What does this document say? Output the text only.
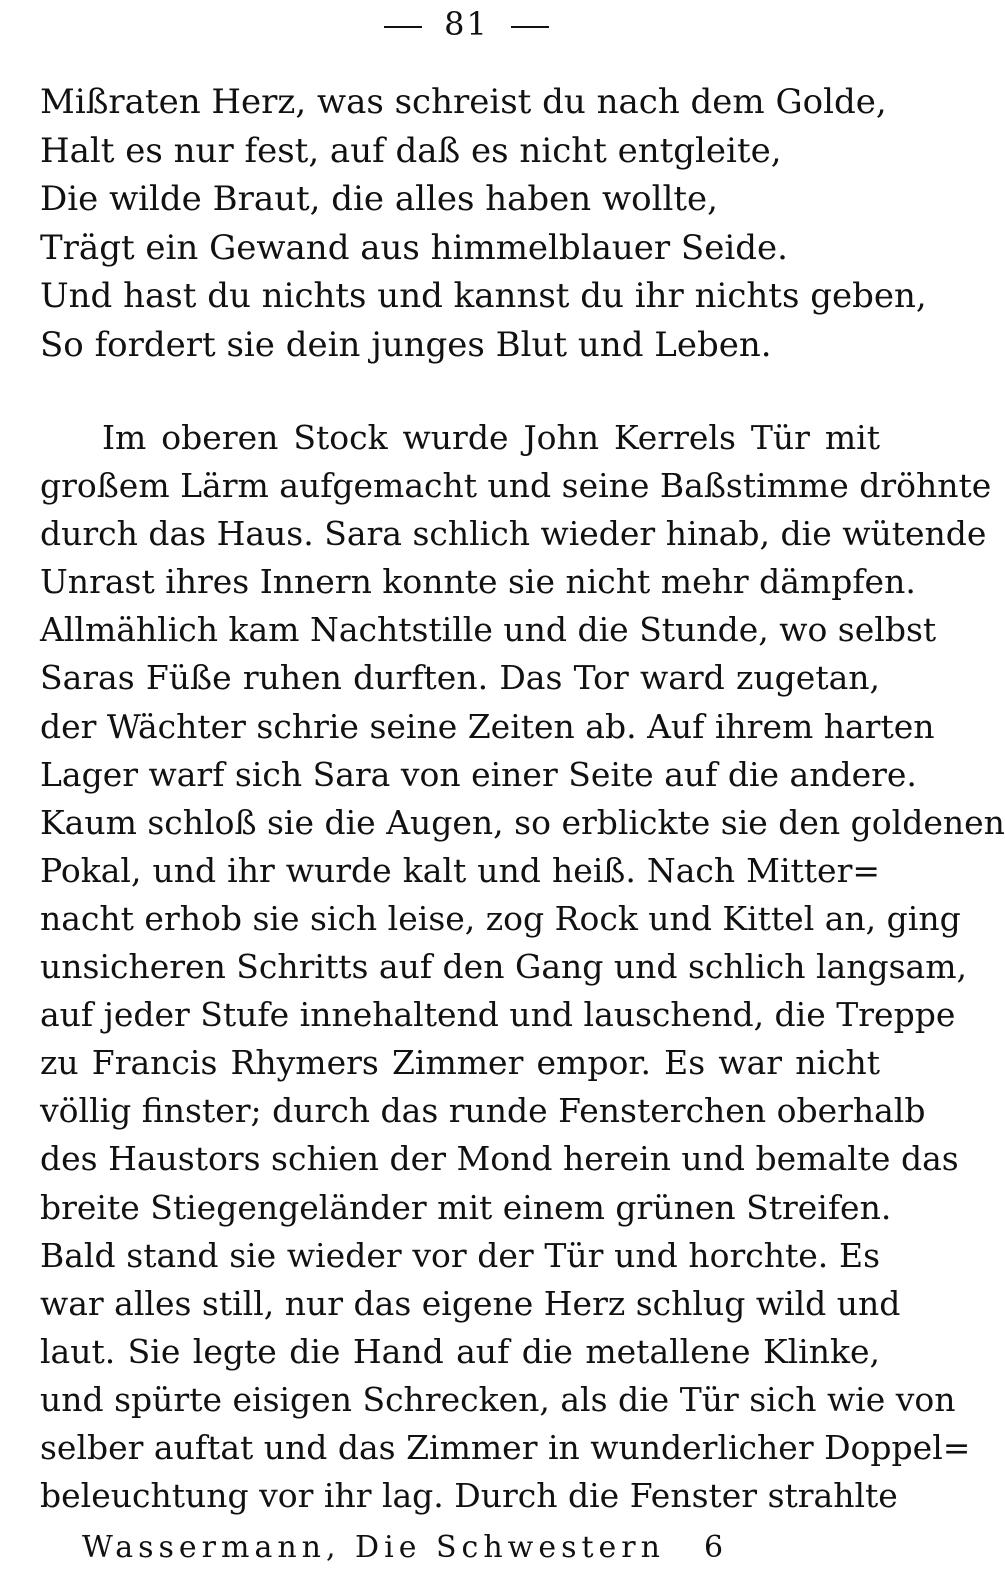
81
Mißraten Herz, was schreist du nach dem Golde,
Halt es nur fest, auf daß es nicht entgleite,
Die wilde Braut, die alles haben wollte,
Trägt ein Gewand aus himmelblauer Seide.
Und hast du nichts und kannst du ihr nichts geben,
So fordert sie dein junges Blut und Leben.
Im oberen Stock wurde John Kerrels Tür mit
großem Lärm aufgemacht und seine Baßstimme dröhnte
durch das Haus. Sara schlich wieder hinab, die wütende
Unrast ihres Innern konnte sie nicht mehr dämpfen.
Allmählich kam Nachtstille und die Stunde, wo selbst
Saras Füße ruhen durften. Das Tor ward zugetan,
der Wächter schrie seine Zeiten ab. Auf ihrem harten
Lager warf sich Sara von einer Seite auf die andere.
Kaum schloß sie die Augen, so erblickte sie den goldenen
Pokal, und ihr wurde kalt und heiß. Nach Mitter=
nacht erhob sie sich leise, zog Rock und Kittel an, ging
unsicheren Schritts auf den Gang und schlich langsam,
auf jeder Stufe innehaltend und lauschend, die Treppe
zu Francis Rhymers Zimmer empor. Es war nicht
völlig finster; durch das runde Fensterchen oberhalb
des Haustors schien der Mond herein und bemalte das
breite Stiegengeländer mit einem grünen Streifen.
Bald stand sie wieder vor der Tür und horchte. Es
war alles still, nur das eigene Herz schlug wild und
laut. Sie legte die Hand auf die metallene Klinke,
und spürte eisigen Schrecken, als die Tür sich wie von
selber auftat und das Zimmer in wunderlicher Doppel=
beleuchtung vor ihr lag. Durch die Fenster strahlte
Wassermann, Die Schwestern 6
